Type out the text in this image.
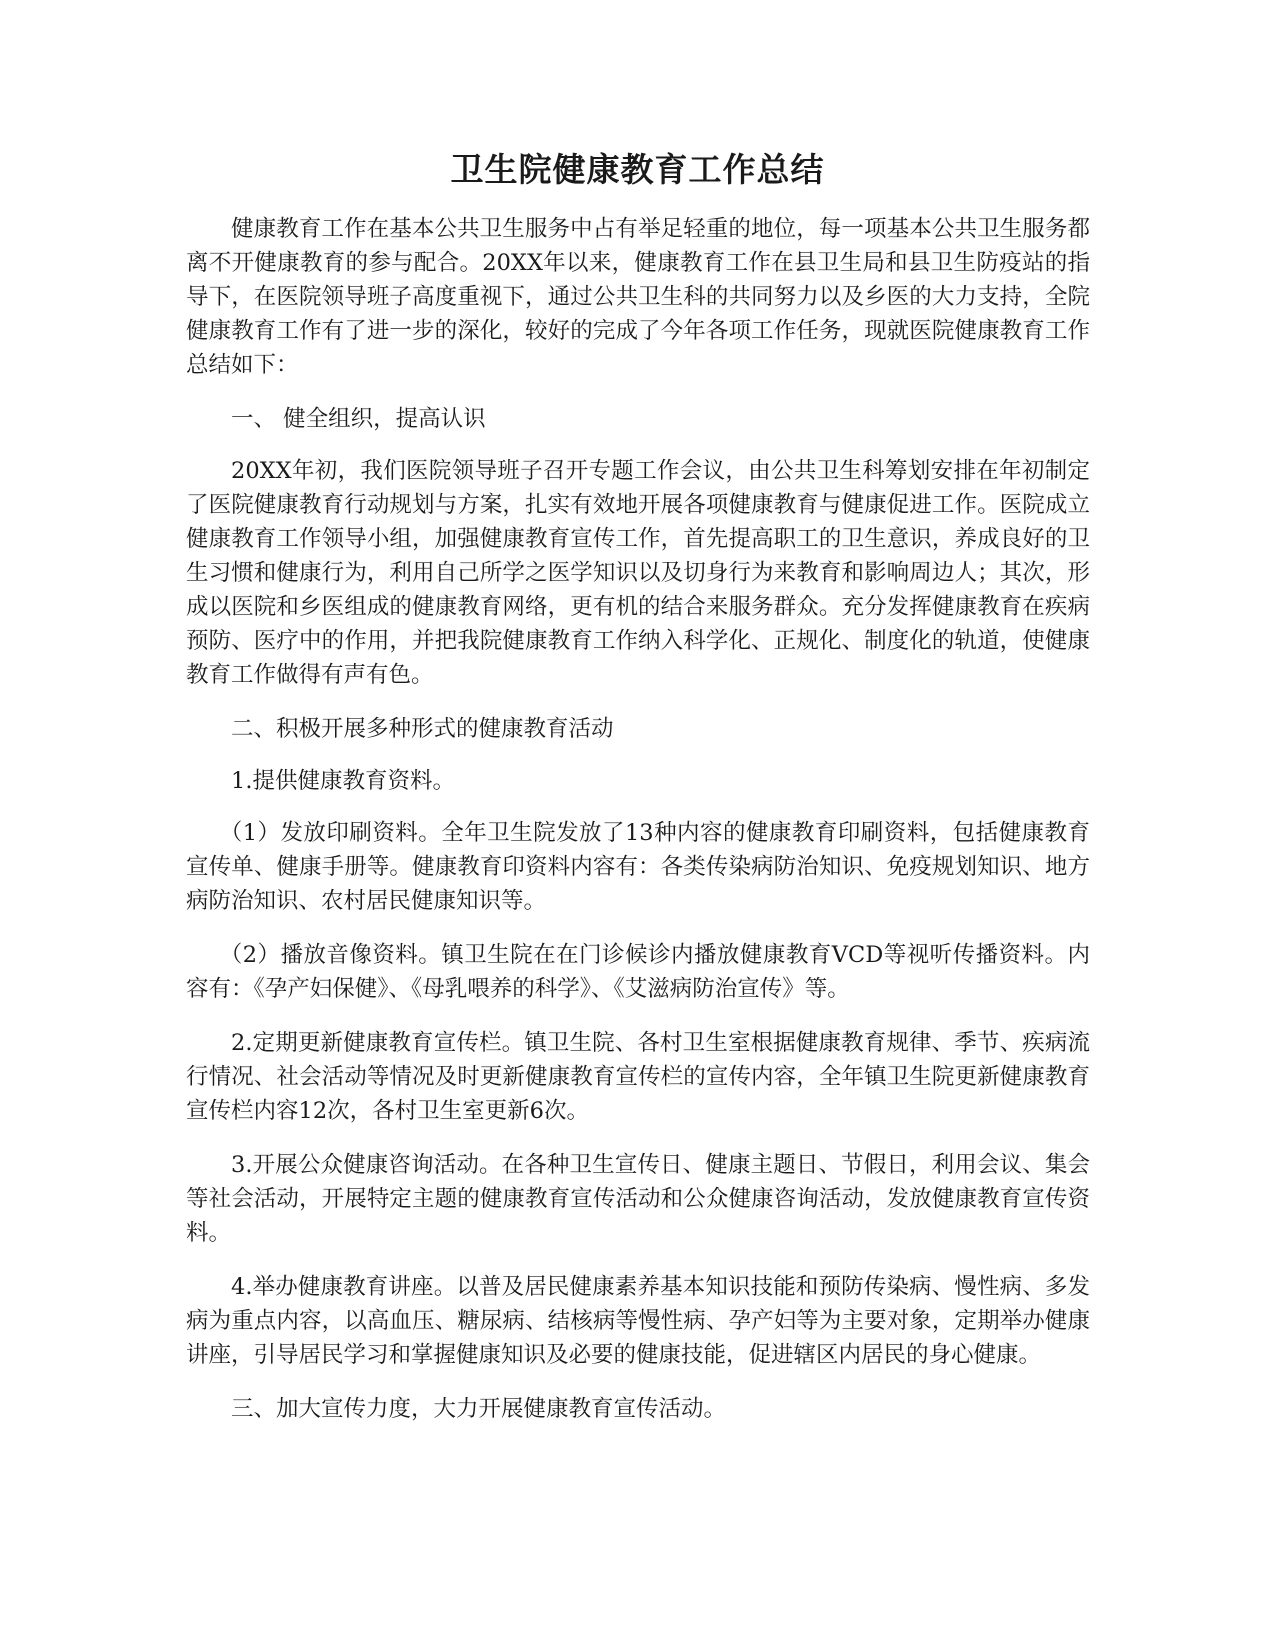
卫生院健康教育工作总结

健康教育工作在基本公共卫生服务中占有举足轻重的地位，每一项基本公共卫生服务都离不开健康教育的参与配合。20XX年以来，健康教育工作在县卫生局和县卫生防疫站的指导下，在医院领导班子高度重视下，通过公共卫生科的共同努力以及乡医的大力支持，全院健康教育工作有了进一步的深化，较好的完成了今年各项工作任务，现就医院健康教育工作总结如下：

一、 健全组织，提高认识

20XX年初，我们医院领导班子召开专题工作会议，由公共卫生科筹划安排在年初制定了医院健康教育行动规划与方案，扎实有效地开展各项健康教育与健康促进工作。医院成立健康教育工作领导小组，加强健康教育宣传工作，首先提高职工的卫生意识，养成良好的卫生习惯和健康行为，利用自己所学之医学知识以及切身行为来教育和影响周边人；其次，形成以医院和乡医组成的健康教育网络，更有机的结合来服务群众。充分发挥健康教育在疾病预防、医疗中的作用，并把我院健康教育工作纳入科学化、正规化、制度化的轨道，使健康教育工作做得有声有色。

二、积极开展多种形式的健康教育活动

1.提供健康教育资料。

（1）发放印刷资料。全年卫生院发放了13种内容的健康教育印刷资料，包括健康教育宣传单、健康手册等。健康教育印资料内容有：各类传染病防治知识、免疫规划知识、地方病防治知识、农村居民健康知识等。

（2）播放音像资料。镇卫生院在在门诊候诊内播放健康教育VCD等视听传播资料。内容有：《孕产妇保健》、《母乳喂养的科学》、《艾滋病防治宣传》等。

2.定期更新健康教育宣传栏。镇卫生院、各村卫生室根据健康教育规律、季节、疾病流行情况、社会活动等情况及时更新健康教育宣传栏的宣传内容，全年镇卫生院更新健康教育宣传栏内容12次，各村卫生室更新6次。

3.开展公众健康咨询活动。在各种卫生宣传日、健康主题日、节假日，利用会议、集会等社会活动，开展特定主题的健康教育宣传活动和公众健康咨询活动，发放健康教育宣传资料。

4.举办健康教育讲座。以普及居民健康素养基本知识技能和预防传染病、慢性病、多发病为重点内容，以高血压、糖尿病、结核病等慢性病、孕产妇等为主要对象，定期举办健康讲座，引导居民学习和掌握健康知识及必要的健康技能，促进辖区内居民的身心健康。

三、加大宣传力度，大力开展健康教育宣传活动。
